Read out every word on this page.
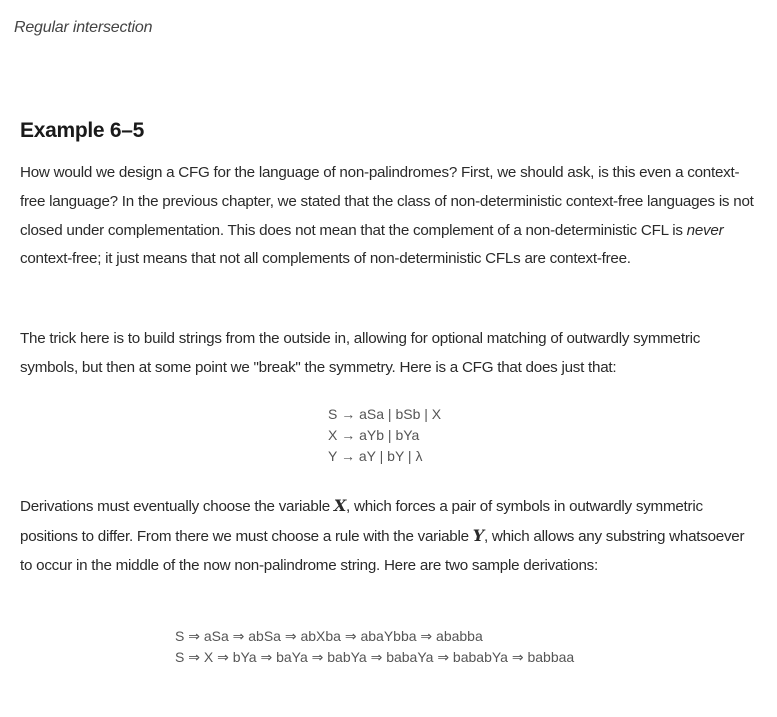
Regular intersection
Example 6–5

How would we design a CFG for the language of non-palindromes? First, we should ask, is this even a context-free language? In the previous chapter, we stated that the class of non-deterministic context-free languages is not closed under complementation. This does not mean that the complement of a non-deterministic CFL is never context-free; it just means that not all complements of non-deterministic CFLs are context-free.

The trick here is to build strings from the outside in, allowing for optional matching of outwardly symmetric symbols, but then at some point we "break" the symmetry. Here is a CFG that does just that:

S → aSa | bSb | X
X → aYb | bYa
Y → aY | bY | λ

Derivations must eventually choose the variable X, which forces a pair of symbols in outwardly symmetric positions to differ. From there we must choose a rule with the variable Y, which allows any substring whatsoever to occur in the middle of the now non-palindrome string. Here are two sample derivations:

S ⇒ aSa ⇒ abSa ⇒ abXba ⇒ abaYbba ⇒ ababba
S ⇒ X ⇒ bYa ⇒ baYa ⇒ babYa ⇒ babaYa ⇒ bababYa ⇒ babbaa
